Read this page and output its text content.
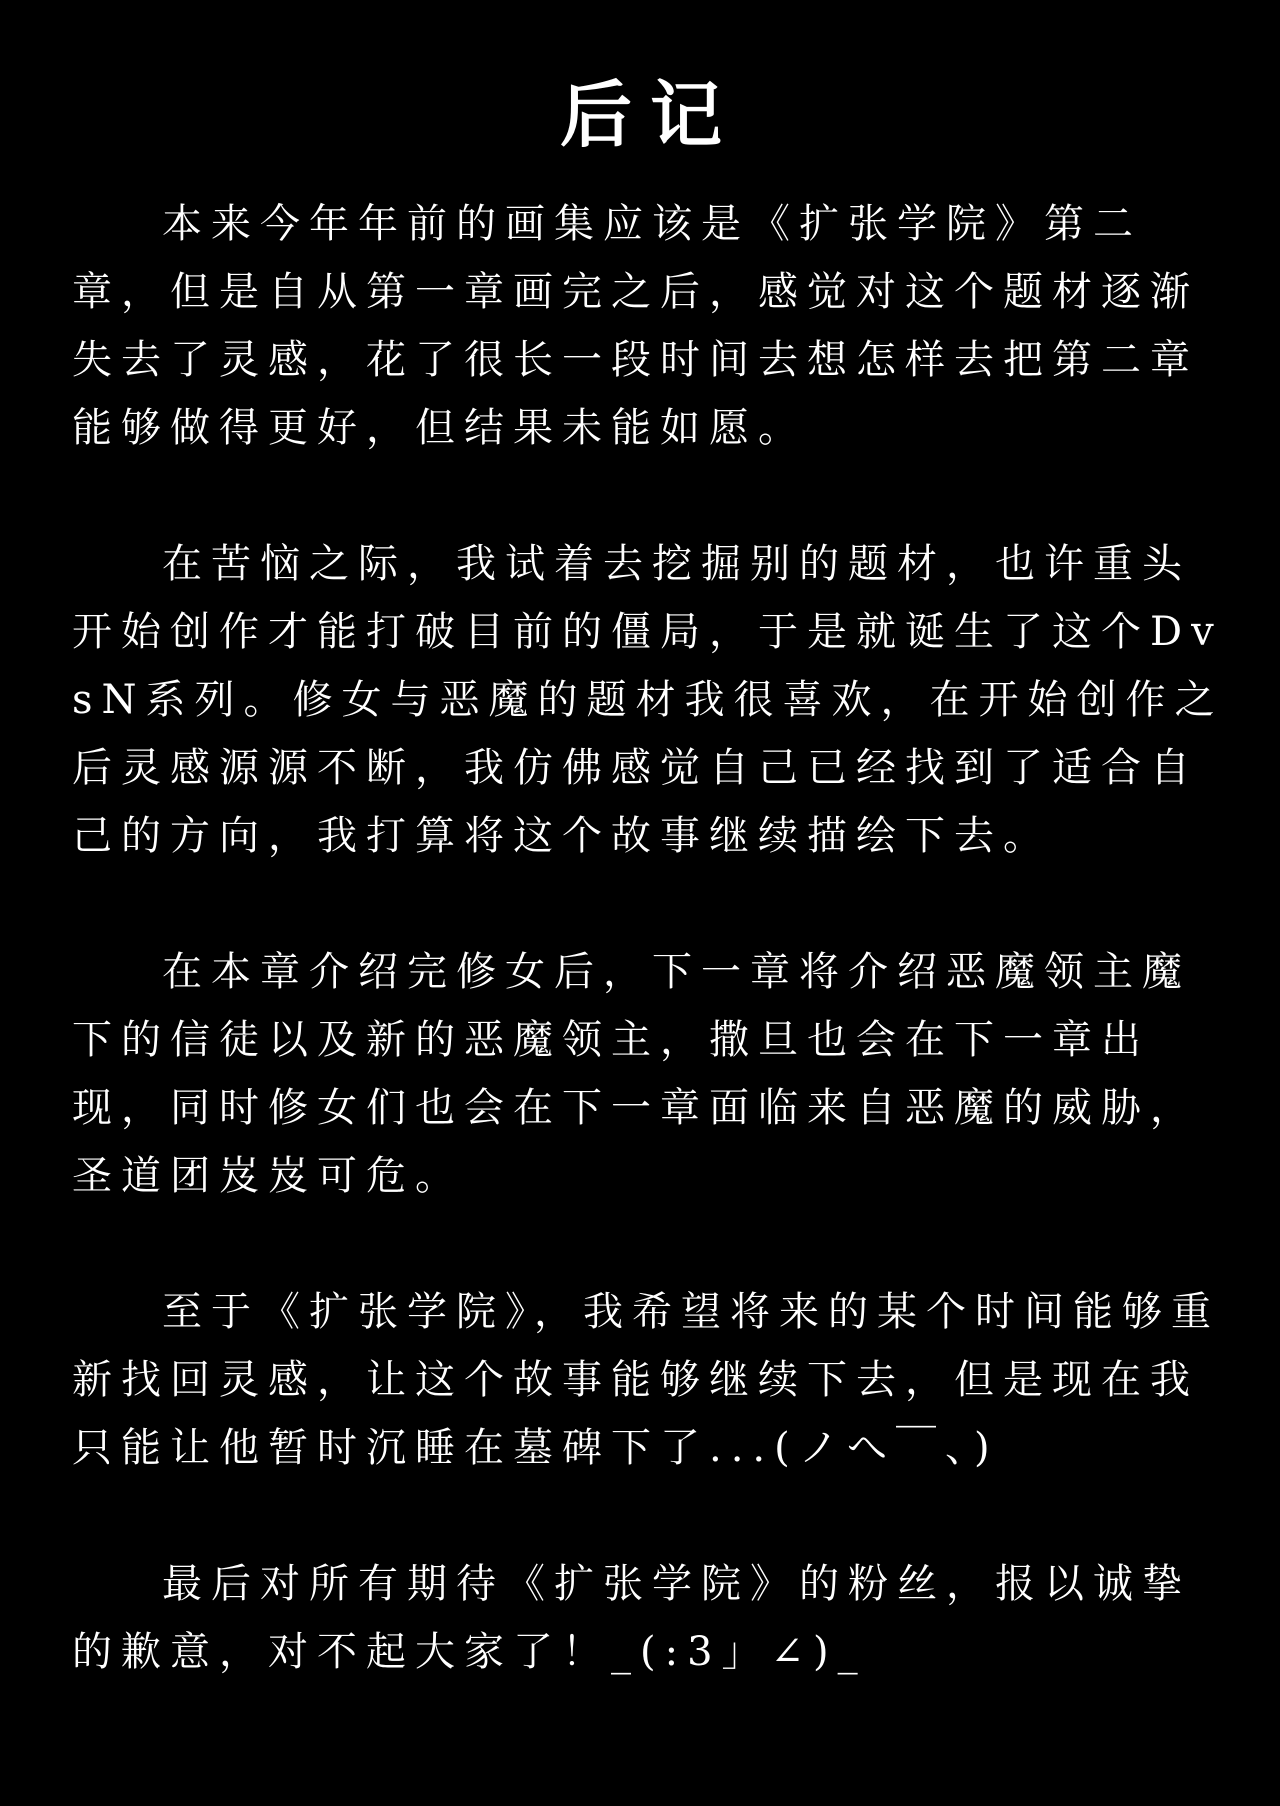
后记

本来今年年前的画集应该是《扩张学院》第二章，但是自从第一章画完之后，感觉对这个题材逐渐失去了灵感，花了很长一段时间去想怎样去把第二章能够做得更好，但结果未能如愿。

在苦恼之际，我试着去挖掘别的题材，也许重头开始创作才能打破目前的僵局，于是就诞生了这个DvsN系列。修女与恶魔的题材我很喜欢，在开始创作之后灵感源源不断，我仿佛感觉自己已经找到了适合自己的方向，我打算将这个故事继续描绘下去。

在本章介绍完修女后，下一章将介绍恶魔领主魔下的信徒以及新的恶魔领主，撒旦也会在下一章出现，同时修女们也会在下一章面临来自恶魔的威胁，圣道团岌岌可危。

至于《扩张学院》，我希望将来的某个时间能够重新找回灵感，让这个故事能够继续下去，但是现在我只能让他暂时沉睡在墓碑下了...(ノへ￣、)

最后对所有期待《扩张学院》的粉丝，报以诚挚的歉意，对不起大家了！_(:3」∠)_
